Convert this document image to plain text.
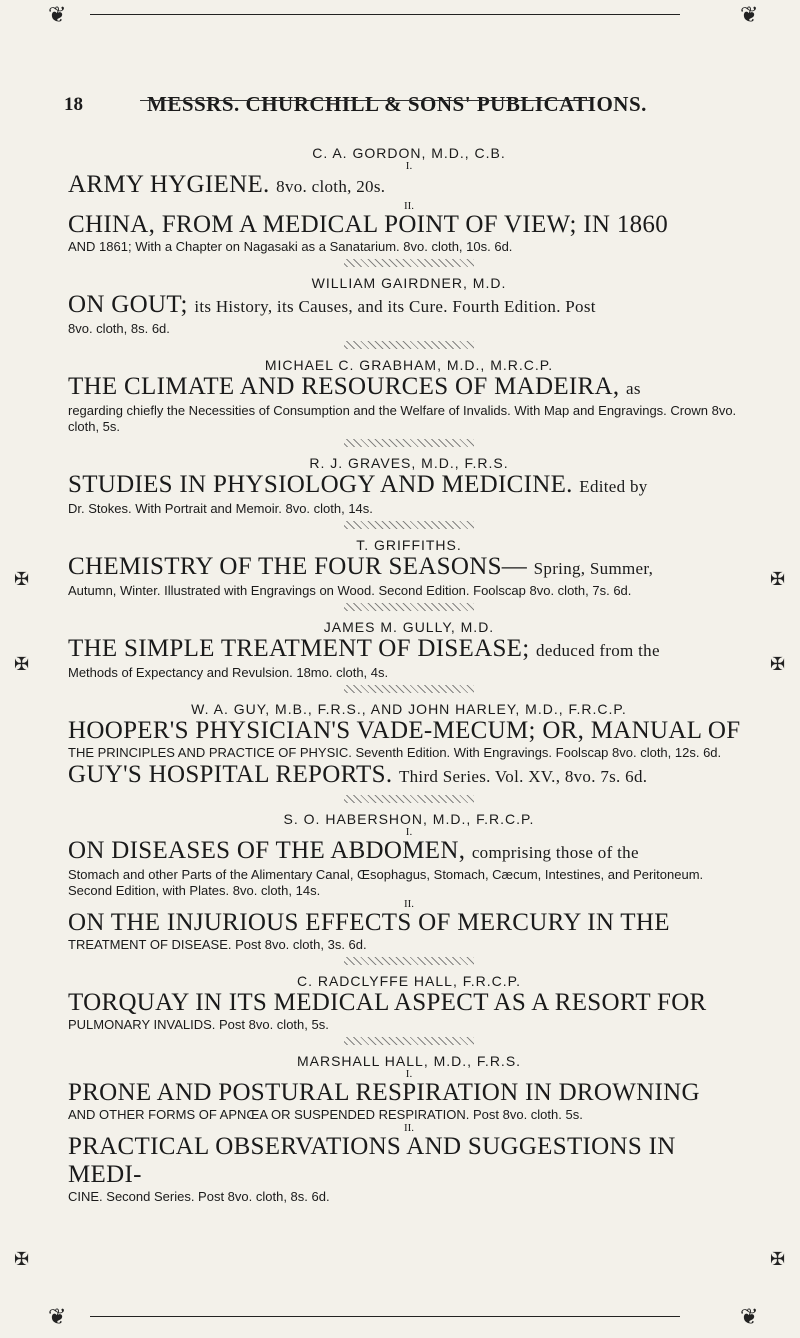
❦	❦
18	MESSRS. CHURCHILL & SONS' PUBLICATIONS.
✠
✠
✠
✠
✠	✠

C. A. GORDON, M.D., C.B.

I.

ARMY HYGIENE. 8vo. cloth, 20s.

II.

CHINA, FROM A MEDICAL POINT OF VIEW; IN 1860

AND 1861; With a Chapter on Nagasaki as a Sanatarium. 8vo. cloth, 10s. 6d.

WILLIAM GAIRDNER, M.D.

ON GOUT; its History, its Causes, and its Cure. Fourth Edition. Post

8vo. cloth, 8s. 6d.

MICHAEL C. GRABHAM, M.D., M.R.C.P.

THE CLIMATE AND RESOURCES OF MADEIRA, as

regarding chiefly the Necessities of Consumption and the Welfare of Invalids. With Map and Engravings. Crown 8vo. cloth, 5s.

R. J. GRAVES, M.D., F.R.S.

STUDIES IN PHYSIOLOGY AND MEDICINE. Edited by

Dr. Stokes. With Portrait and Memoir. 8vo. cloth, 14s.

T. GRIFFITHS.

CHEMISTRY OF THE FOUR SEASONS— Spring, Summer,

Autumn, Winter. Illustrated with Engravings on Wood. Second Edition. Foolscap 8vo. cloth, 7s. 6d.

JAMES M. GULLY, M.D.

THE SIMPLE TREATMENT OF DISEASE; deduced from the

Methods of Expectancy and Revulsion. 18mo. cloth, 4s.

W. A. GUY, M.B., F.R.S., AND JOHN HARLEY, M.D., F.R.C.P.

HOOPER'S PHYSICIAN'S VADE-MECUM; OR, MANUAL OF

THE PRINCIPLES AND PRACTICE OF PHYSIC. Seventh Edition. With Engravings. Foolscap 8vo. cloth, 12s. 6d.

GUY'S HOSPITAL REPORTS. Third Series. Vol. XV., 8vo. 7s. 6d.

S. O. HABERSHON, M.D., F.R.C.P.

I.

ON DISEASES OF THE ABDOMEN, comprising those of the

Stomach and other Parts of the Alimentary Canal, Œsophagus, Stomach, Cæcum, Intestines, and Peritoneum. Second Edition, with Plates. 8vo. cloth, 14s.

II.

ON THE INJURIOUS EFFECTS OF MERCURY IN THE

TREATMENT OF DISEASE. Post 8vo. cloth, 3s. 6d.

C. RADCLYFFE HALL, F.R.C.P.

TORQUAY IN ITS MEDICAL ASPECT AS A RESORT FOR

PULMONARY INVALIDS. Post 8vo. cloth, 5s.

MARSHALL HALL, M.D., F.R.S.

I.

PRONE AND POSTURAL RESPIRATION IN DROWNING

AND OTHER FORMS OF APNŒA OR SUSPENDED RESPIRATION. Post 8vo. cloth. 5s.

II.

PRACTICAL OBSERVATIONS AND SUGGESTIONS IN MEDI-

CINE. Second Series. Post 8vo. cloth, 8s. 6d.

❦	❦
